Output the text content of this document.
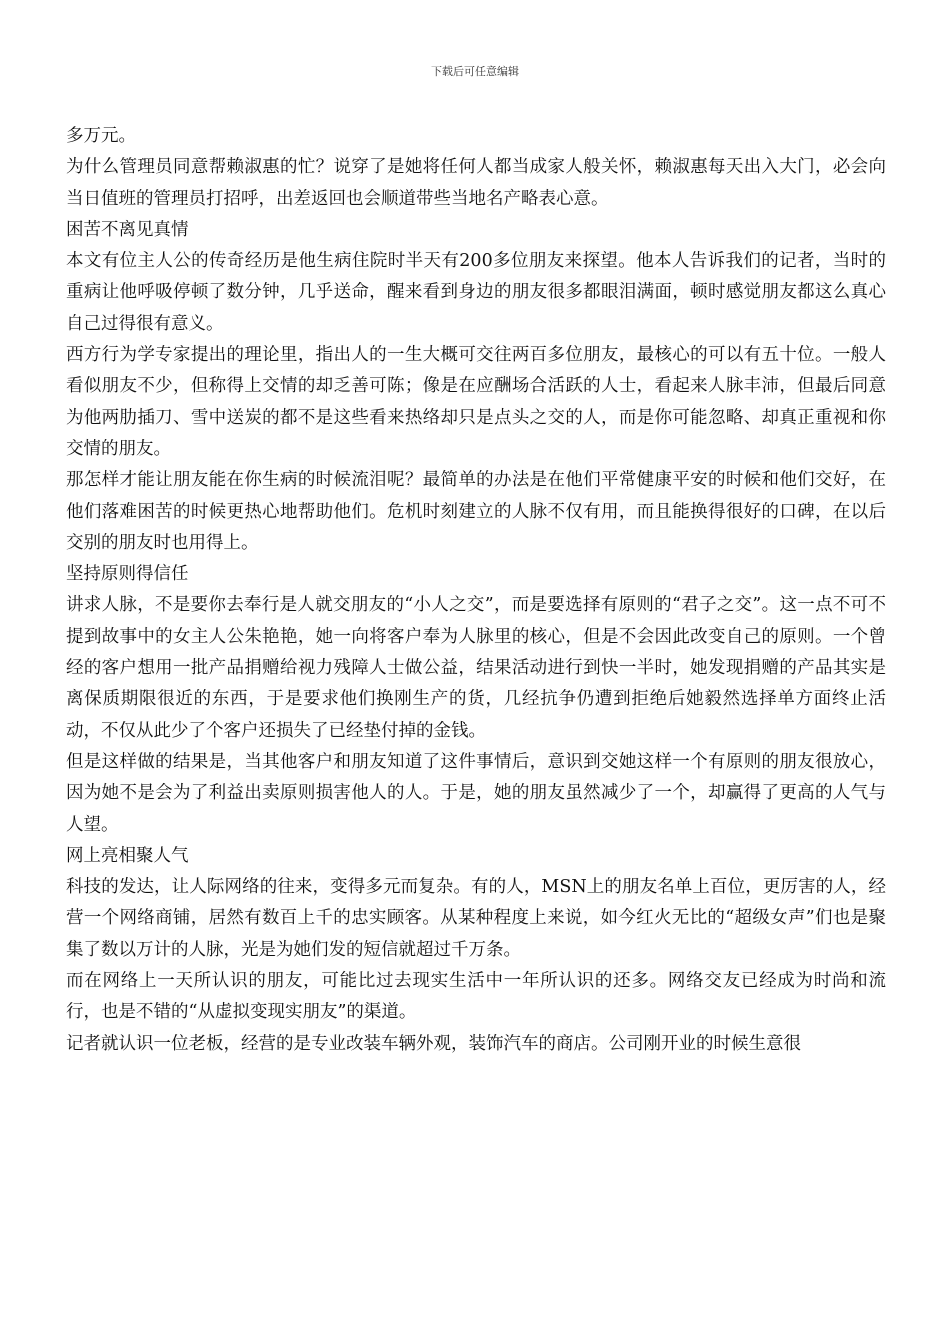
下载后可任意编辑

多万元。

为什么管理员同意帮赖淑惠的忙？说穿了是她将任何人都当成家人般关怀，赖淑惠每天出入大门，必会向当日值班的管理员打招呼，出差返回也会顺道带些当地名产略表心意。

困苦不离见真情

本文有位主人公的传奇经历是他生病住院时半天有200多位朋友来探望。他本人告诉我们的记者，当时的重病让他呼吸停顿了数分钟，几乎送命，醒来看到身边的朋友很多都眼泪满面，顿时感觉朋友都这么真心自己过得很有意义。

西方行为学专家提出的理论里，指出人的一生大概可交往两百多位朋友，最核心的可以有五十位。一般人看似朋友不少，但称得上交情的却乏善可陈；像是在应酬场合活跃的人士，看起来人脉丰沛，但最后同意为他两肋插刀、雪中送炭的都不是这些看来热络却只是点头之交的人，而是你可能忽略、却真正重视和你交情的朋友。

那怎样才能让朋友能在你生病的时候流泪呢？最简单的办法是在他们平常健康平安的时候和他们交好，在他们落难困苦的时候更热心地帮助他们。危机时刻建立的人脉不仅有用，而且能换得很好的口碑，在以后交别的朋友时也用得上。

坚持原则得信任

讲求人脉，不是要你去奉行是人就交朋友的“小人之交”，而是要选择有原则的“君子之交”。这一点不可不提到故事中的女主人公朱艳艳，她一向将客户奉为人脉里的核心，但是不会因此改变自己的原则。一个曾经的客户想用一批产品捐赠给视力残障人士做公益，结果活动进行到快一半时，她发现捐赠的产品其实是离保质期限很近的东西，于是要求他们换刚生产的货，几经抗争仍遭到拒绝后她毅然选择单方面终止活动，不仅从此少了个客户还损失了已经垫付掉的金钱。

但是这样做的结果是，当其他客户和朋友知道了这件事情后，意识到交她这样一个有原则的朋友很放心，因为她不是会为了利益出卖原则损害他人的人。于是，她的朋友虽然减少了一个，却赢得了更高的人气与人望。

网上亮相聚人气

科技的发达，让人际网络的往来，变得多元而复杂。有的人，MSN上的朋友名单上百位，更厉害的人，经营一个网络商铺，居然有数百上千的忠实顾客。从某种程度上来说，如今红火无比的“超级女声”们也是聚集了数以万计的人脉，光是为她们发的短信就超过千万条。

而在网络上一天所认识的朋友，可能比过去现实生活中一年所认识的还多。网络交友已经成为时尚和流行，也是不错的“从虚拟变现实朋友”的渠道。

记者就认识一位老板，经营的是专业改装车辆外观，装饰汽车的商店。公司刚开业的时候生意很
